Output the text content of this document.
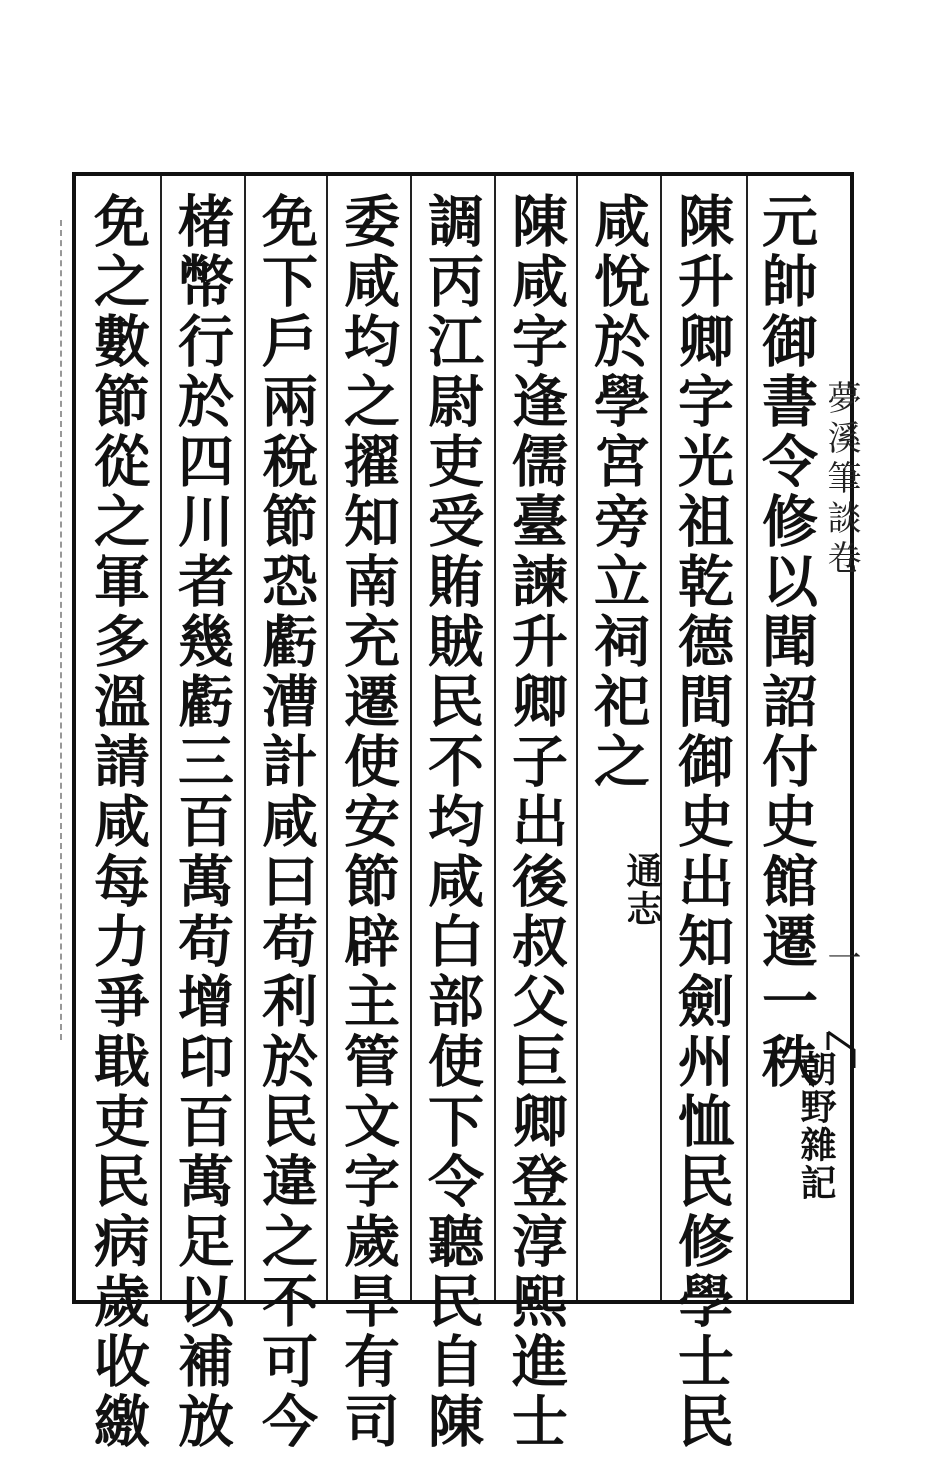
夢溪筆談卷
一
元帥御書令修以聞詔付史館遷一秩
朝野雜記
陳升卿字光祖乾德間御史出知劍州恤民修學士民
咸悅於學宮旁立祠祀之
通志
陳咸字逢儒臺諫升卿子出後叔父巨卿登淳熙進士
調丙江尉吏受賄賊民不均咸白部使下令聽民自陳
委咸均之擢知南充遷使安節辟主管文字歲旱有司
免下戶兩稅節恐虧漕計咸曰苟利於民違之不可今
楮幣行於四川者幾虧三百萬苟增印百萬足以補放
免之數節從之軍多溫請咸每力爭戢吏民病歲收繳
